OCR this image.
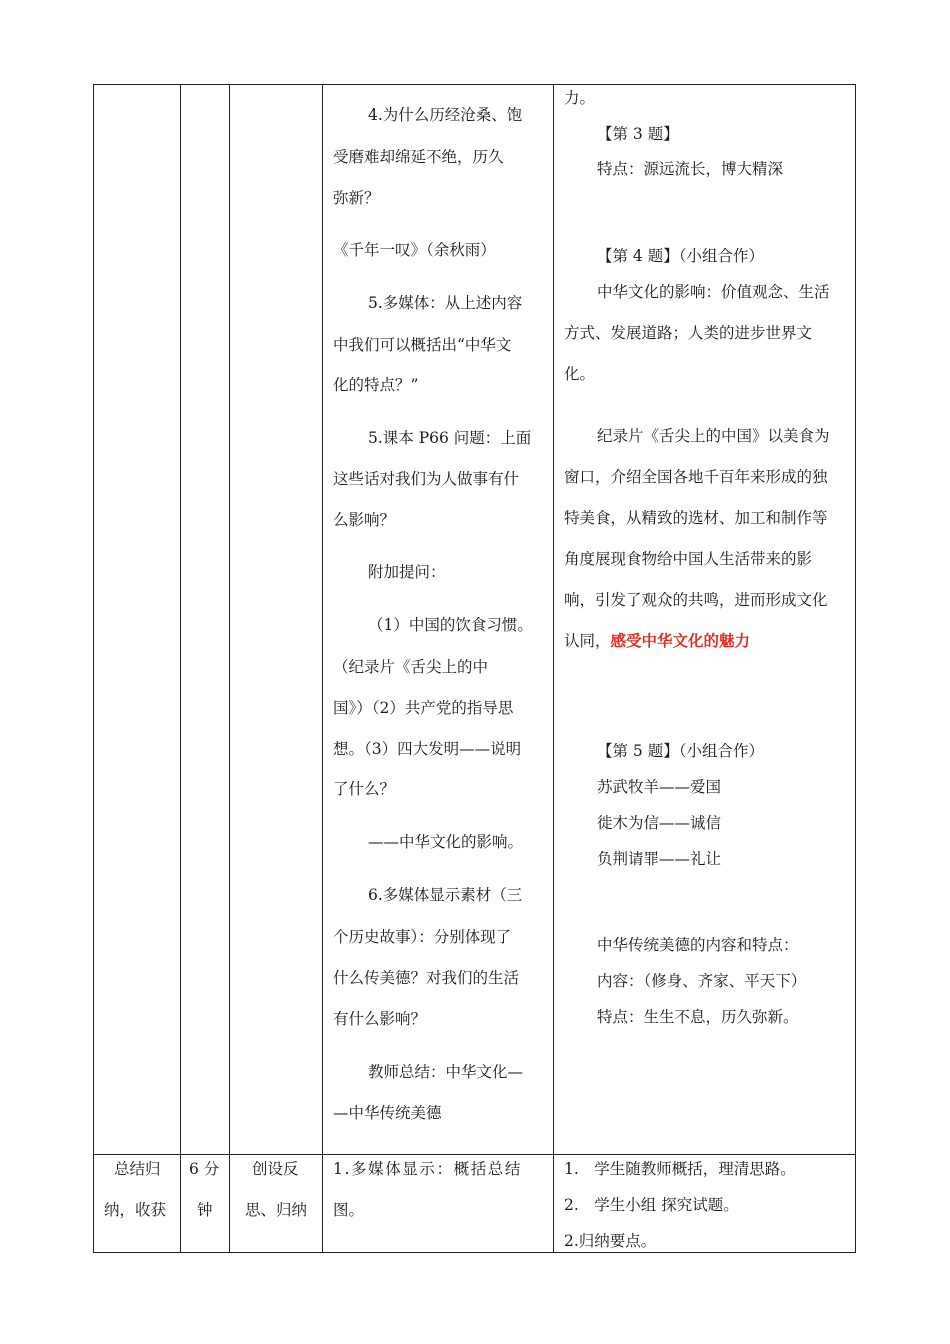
4.为什么历经沧桑、饱
受磨难却绵延不绝，历久
弥新？
《千年一叹》（余秋雨）
5.多媒体：从上述内容
中我们可以概括出“中华文
化的特点？”
5.课本 P66 问题：上面
这些话对我们为人做事有什
么影响？
附加提问：
（1）中国的饮食习惯。
（纪录片《舌尖上的中
国》）（2）共产党的指导思
想。（3）四大发明——说明
了什么？
——中华文化的影响。
6.多媒体显示素材（三
个历史故事）：分别体现了
什么传美德？对我们的生活
有什么影响？
教师总结：中华文化—
—中华传统美德
力。
【第 3 题】
特点：源远流长，博大精深
【第 4 题】（小组合作）
中华文化的影响：价值观念、生活
方式、发展道路；人类的进步世界文
化。
纪录片《舌尖上的中国》以美食为
窗口，介绍全国各地千百年来形成的独
特美食，从精致的选材、加工和制作等
角度展现食物给中国人生活带来的影
响，引发了观众的共鸣，进而形成文化
认同，感受中华文化的魅力
【第 5 题】（小组合作）
苏武牧羊——爱国
徙木为信——诚信
负荆请罪——礼让
中华传统美德的内容和特点：
内容：（修身、齐家、平天下）
特点：生生不息，历久弥新。
总结归
纳，收获
6 分
钟
创设反
思、归纳
1.多媒体显示：概括总结
图。
1.　学生随教师概括，理清思路。
2.　学生小组 探究试题。
2.归纳要点。
